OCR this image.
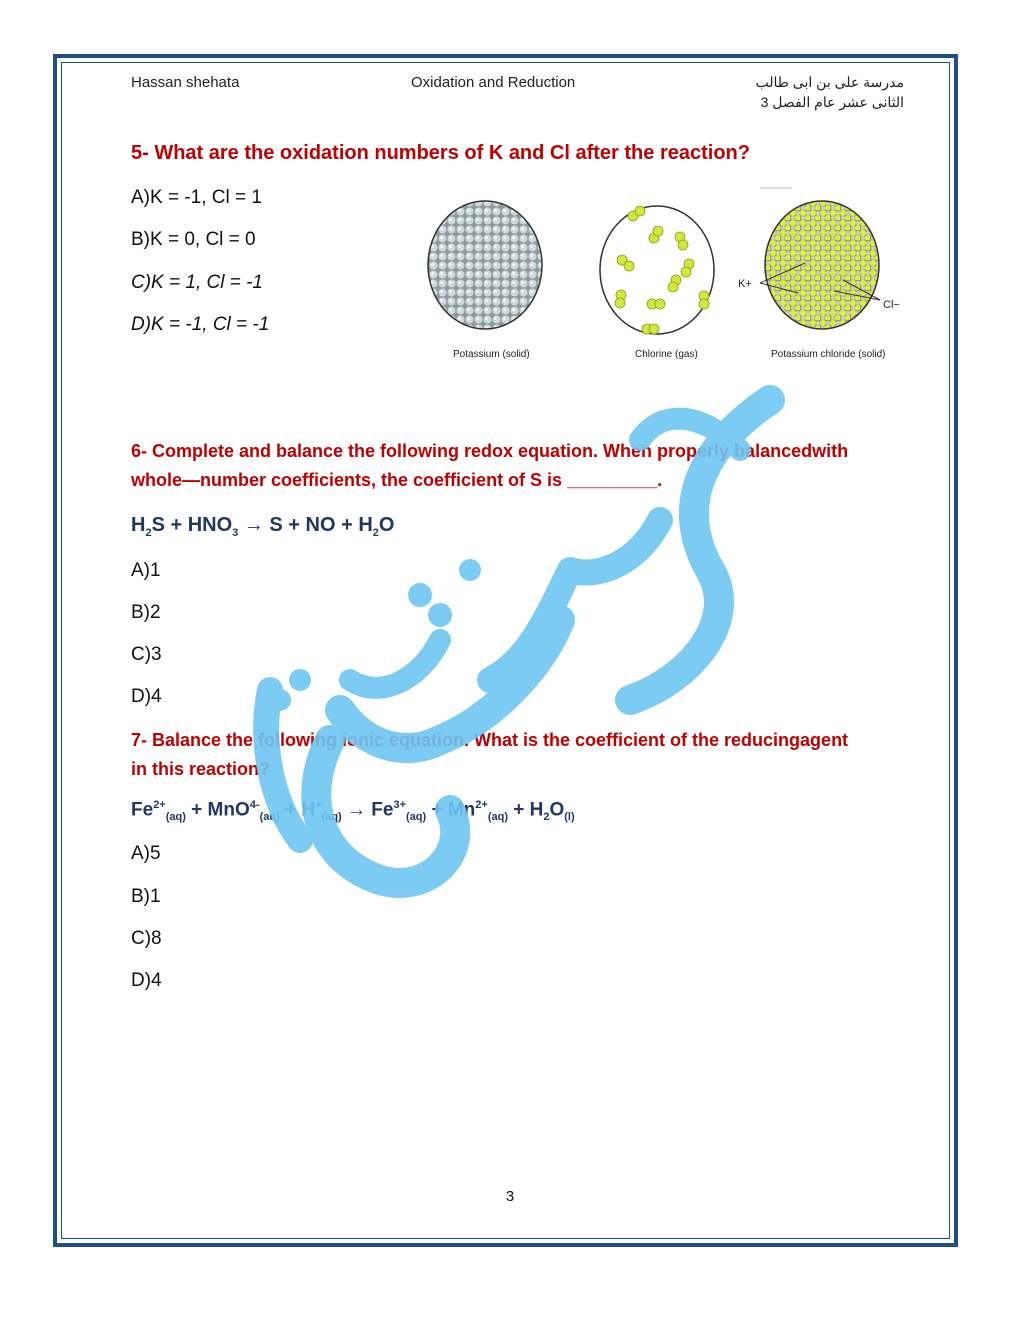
Hassan shehata	Oxidation and Reduction	مدرسة على بن ابى طالب
الثانى عشر عام الفصل 3
5- What are the oxidation numbers of K and Cl after the reaction?
A)K = -1, Cl = 1
B)K = 0, Cl = 0
C)K = 1, Cl = -1
D)K = -1, Cl = -1
K+
Cl−
Potassium (solid)	Chlorine (gas)	Potassium chloride (solid)
6- Complete and balance the following redox equation. When properly balancedwith
whole—number coefficients, the coefficient of S is _________.
$H_2S + HNO_3 \to S$ + NO + $H_2O$
A)1
B)2
C)3
D)4
7- Balance the following ionic equation. What is the coefficient of the reducingagent
in this reaction?
$Fe^{2+}_{(aq)} + MnO^{4-}_{(aq)} + H^+_{(aq)} \to Fe^{3+}_{(aq)} + Mn^{2+}_{(aq)} + H_2O_{(l)}$
A)5
B)1
C)8
D)4
3
